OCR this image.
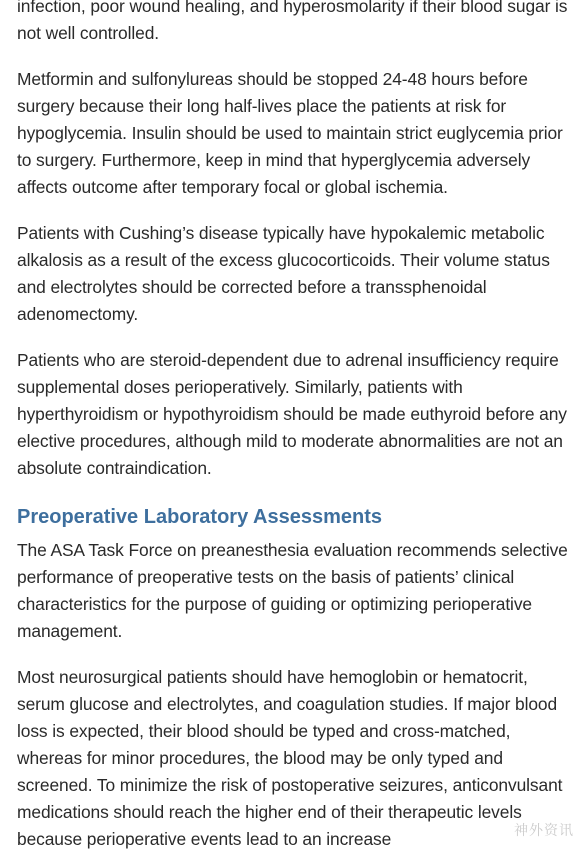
infection, poor wound healing, and hyperosmolarity if their blood sugar is not well controlled.

Metformin and sulfonylureas should be stopped 24-48 hours before surgery because their long half-lives place the patients at risk for hypoglycemia. Insulin should be used to maintain strict euglycemia prior to surgery. Furthermore, keep in mind that hyperglycemia adversely affects outcome after temporary focal or global ischemia.

Patients with Cushing’s disease typically have hypokalemic metabolic alkalosis as a result of the excess glucocorticoids. Their volume status and electrolytes should be corrected before a transsphenoidal adenomectomy.

Patients who are steroid-dependent due to adrenal insufficiency require supplemental doses perioperatively. Similarly, patients with hyperthyroidism or hypothyroidism should be made euthyroid before any elective procedures, although mild to moderate abnormalities are not an absolute contraindication.

Preoperative Laboratory Assessments

The ASA Task Force on preanesthesia evaluation recommends selective performance of preoperative tests on the basis of patients’ clinical characteristics for the purpose of guiding or optimizing perioperative management.

Most neurosurgical patients should have hemoglobin or hematocrit, serum glucose and electrolytes, and coagulation studies. If major blood loss is expected, their blood should be typed and cross-matched, whereas for minor procedures, the blood may be only typed and screened. To minimize the risk of postoperative seizures, anticonvulsant medications should reach the higher end of their therapeutic levels because perioperative events lead to an increase	神外资讯
